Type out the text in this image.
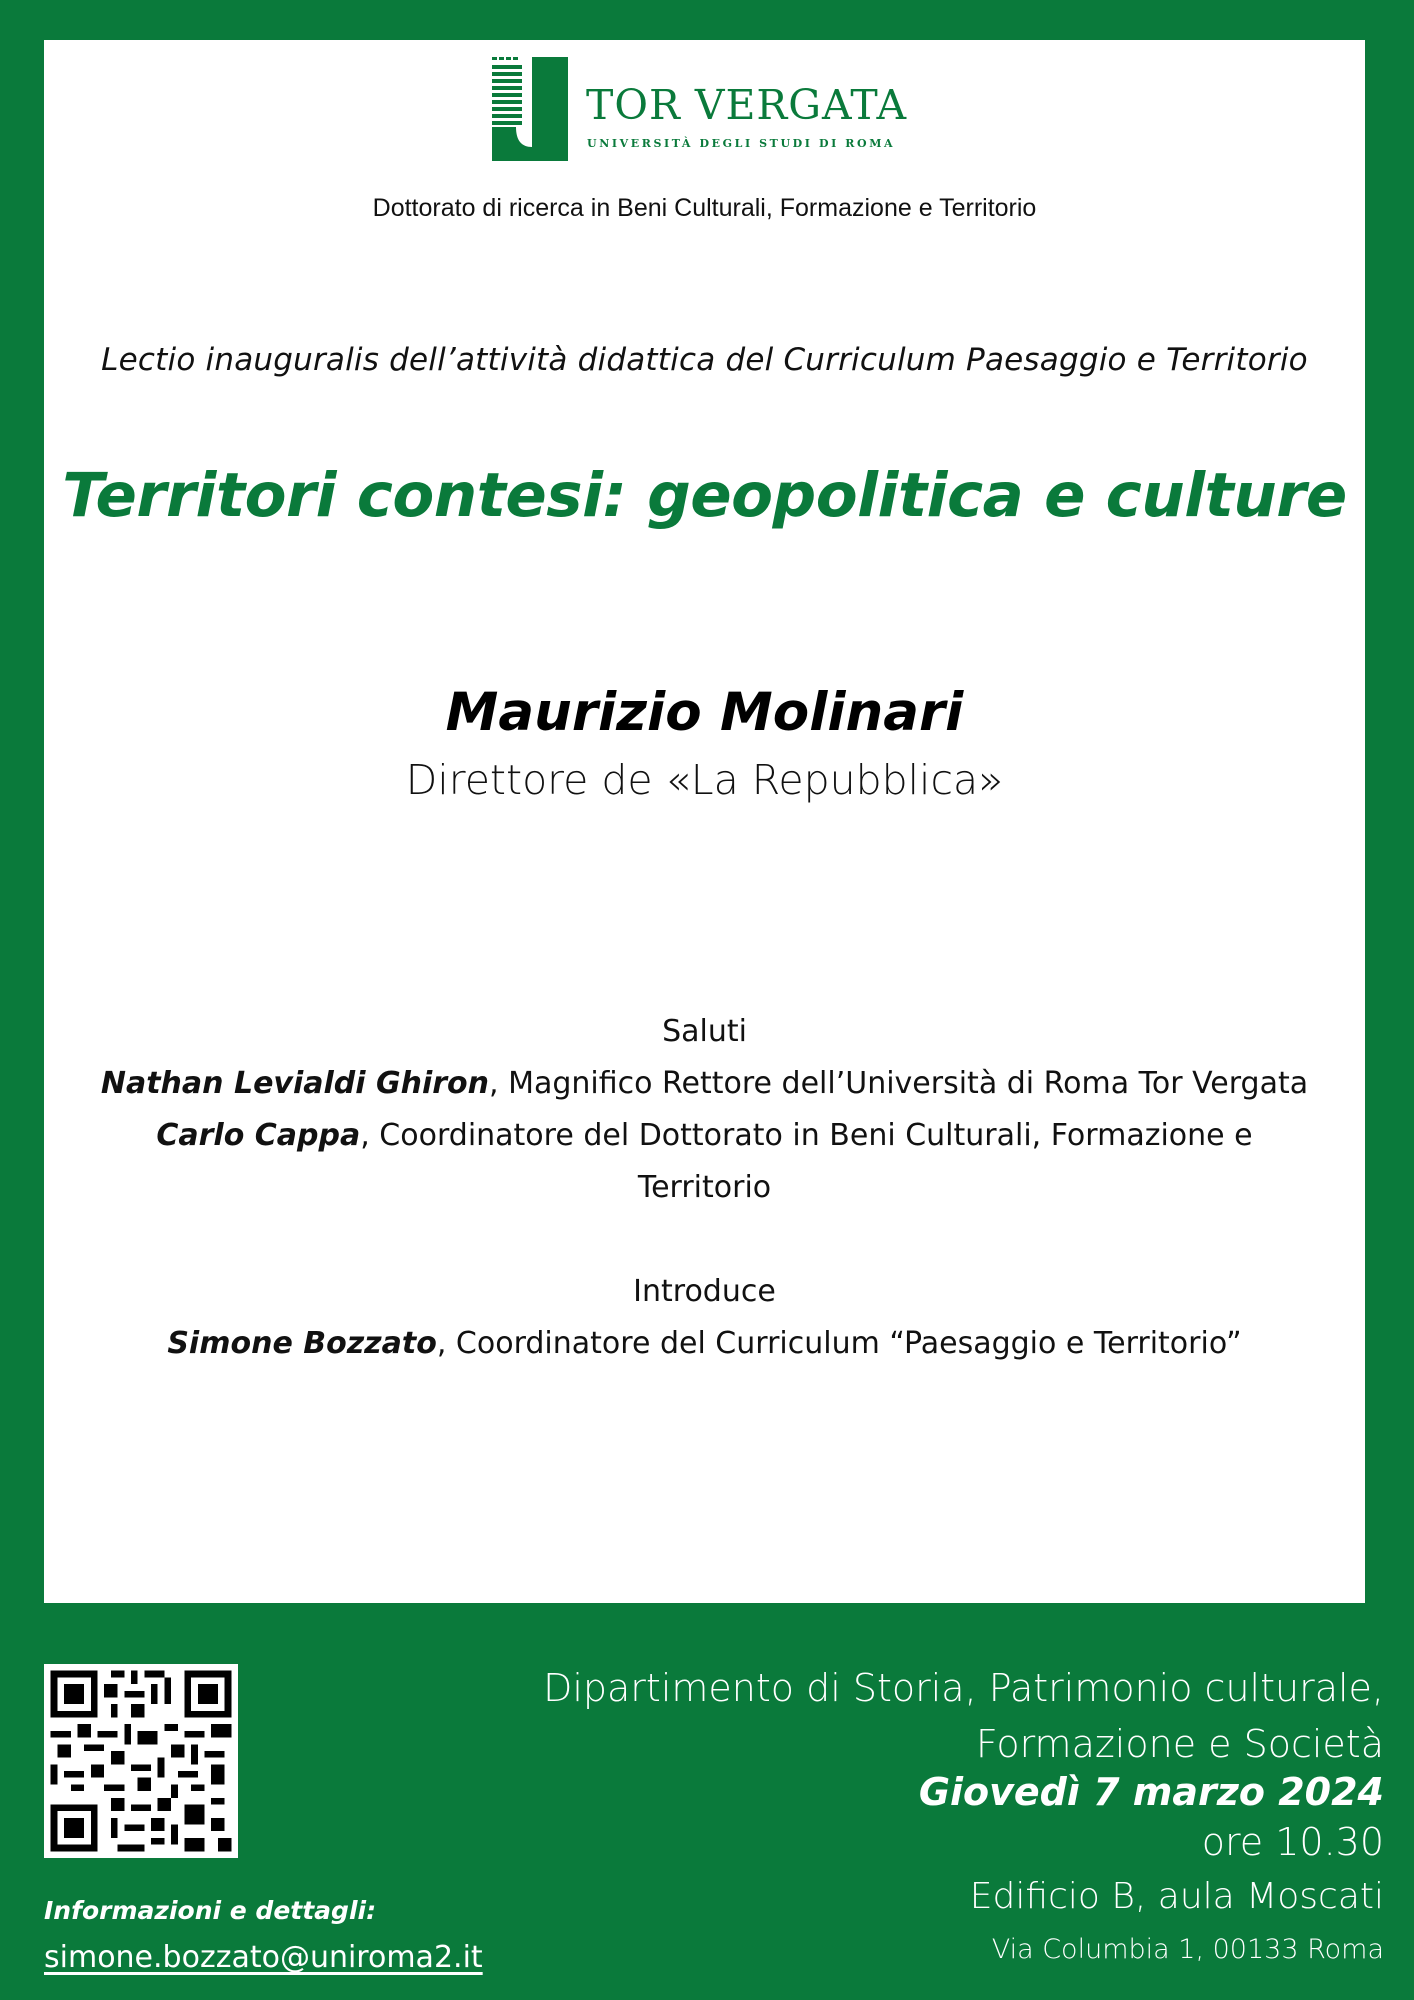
TOR VERGATA
UNIVERSITÀ DEGLI STUDI DI ROMA
Dottorato di ricerca in Beni Culturali, Formazione e Territorio
Lectio inauguralis dell’attività didattica del Curriculum Paesaggio e Territorio
Territori contesi: geopolitica e culture
Maurizio Molinari
Direttore de «La Repubblica»
Saluti
Nathan Levialdi Ghiron, Magnifico Rettore dell’Università di Roma Tor Vergata
Carlo Cappa, Coordinatore del Dottorato in Beni Culturali, Formazione e
Territorio
Introduce
Simone Bozzato, Coordinatore del Curriculum “Paesaggio e Territorio”
Informazioni e dettagli:
simone.bozzato@uniroma2.it
Dipartimento di Storia, Patrimonio culturale,
Formazione e Società
Giovedì 7 marzo 2024
ore 10.30
Edificio B, aula Moscati
Via Columbia 1, 00133 Roma
